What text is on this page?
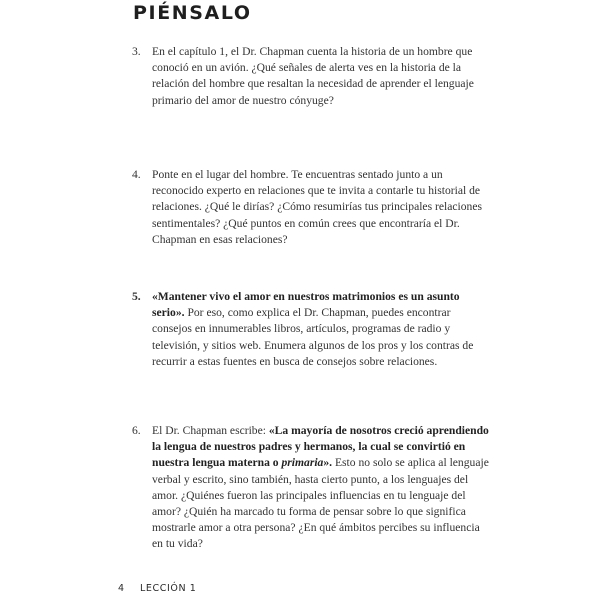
PIÉNSALO
3. En el capítulo 1, el Dr. Chapman cuenta la historia de un hombre que conoció en un avión. ¿Qué señales de alerta ves en la historia de la relación del hombre que resaltan la necesidad de aprender el lenguaje primario del amor de nuestro cónyuge?
4. Ponte en el lugar del hombre. Te encuentras sentado junto a un reconocido experto en relaciones que te invita a contarle tu historial de relaciones. ¿Qué le dirías? ¿Cómo resumirías tus principales relaciones sentimentales? ¿Qué puntos en común crees que encontraría el Dr. Chapman en esas relaciones?
5. «Mantener vivo el amor en nuestros matrimonios es un asunto serio». Por eso, como explica el Dr. Chapman, puedes encontrar consejos en innumerables libros, artículos, programas de radio y televisión, y sitios web. Enumera algunos de los pros y los contras de recurrir a estas fuentes en busca de consejos sobre relaciones.
6. El Dr. Chapman escribe: «La mayoría de nosotros creció aprendiendo la lengua de nuestros padres y hermanos, la cual se convirtió en nuestra lengua materna o primaria». Esto no solo se aplica al lenguaje verbal y escrito, sino también, hasta cierto punto, a los lenguajes del amor. ¿Quiénes fueron las principales influencias en tu lenguaje del amor? ¿Quién ha marcado tu forma de pensar sobre lo que significa mostrarle amor a otra persona? ¿En qué ámbitos percibes su influencia en tu vida?
4 LECCIÓN 1
